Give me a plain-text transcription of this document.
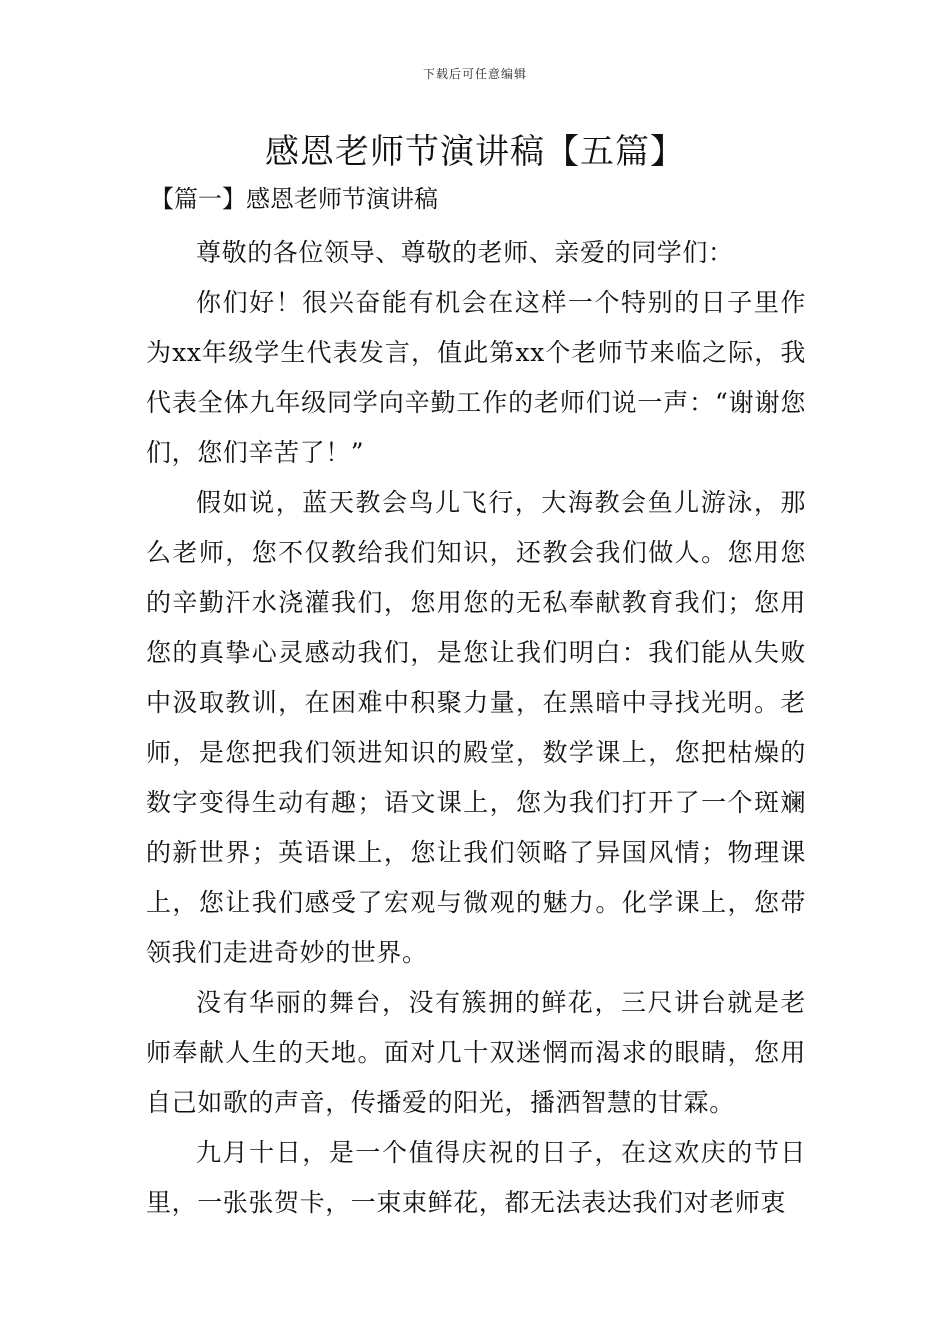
下载后可任意编辑
感恩老师节演讲稿【五篇】
【篇一】感恩老师节演讲稿

尊敬的各位领导、尊敬的老师、亲爱的同学们：

你们好！很兴奋能有机会在这样一个特别的日子里作为xx年级学生代表发言，值此第xx个老师节来临之际，我代表全体九年级同学向辛勤工作的老师们说一声：“谢谢您们，您们辛苦了！”

假如说，蓝天教会鸟儿飞行，大海教会鱼儿游泳，那么老师，您不仅教给我们知识，还教会我们做人。您用您的辛勤汗水浇灌我们，您用您的无私奉献教育我们；您用您的真挚心灵感动我们，是您让我们明白：我们能从失败中汲取教训，在困难中积聚力量，在黑暗中寻找光明。老师，是您把我们领进知识的殿堂，数学课上，您把枯燥的数字变得生动有趣；语文课上，您为我们打开了一个斑斓的新世界；英语课上，您让我们领略了异国风情；物理课上，您让我们感受了宏观与微观的魅力。化学课上，您带领我们走进奇妙的世界。

没有华丽的舞台，没有簇拥的鲜花，三尺讲台就是老师奉献人生的天地。面对几十双迷惘而渴求的眼睛，您用自己如歌的声音，传播爱的阳光，播洒智慧的甘霖。

九月十日，是一个值得庆祝的日子，在这欢庆的节日里，一张张贺卡，一束束鲜花，都无法表达我们对老师衷
